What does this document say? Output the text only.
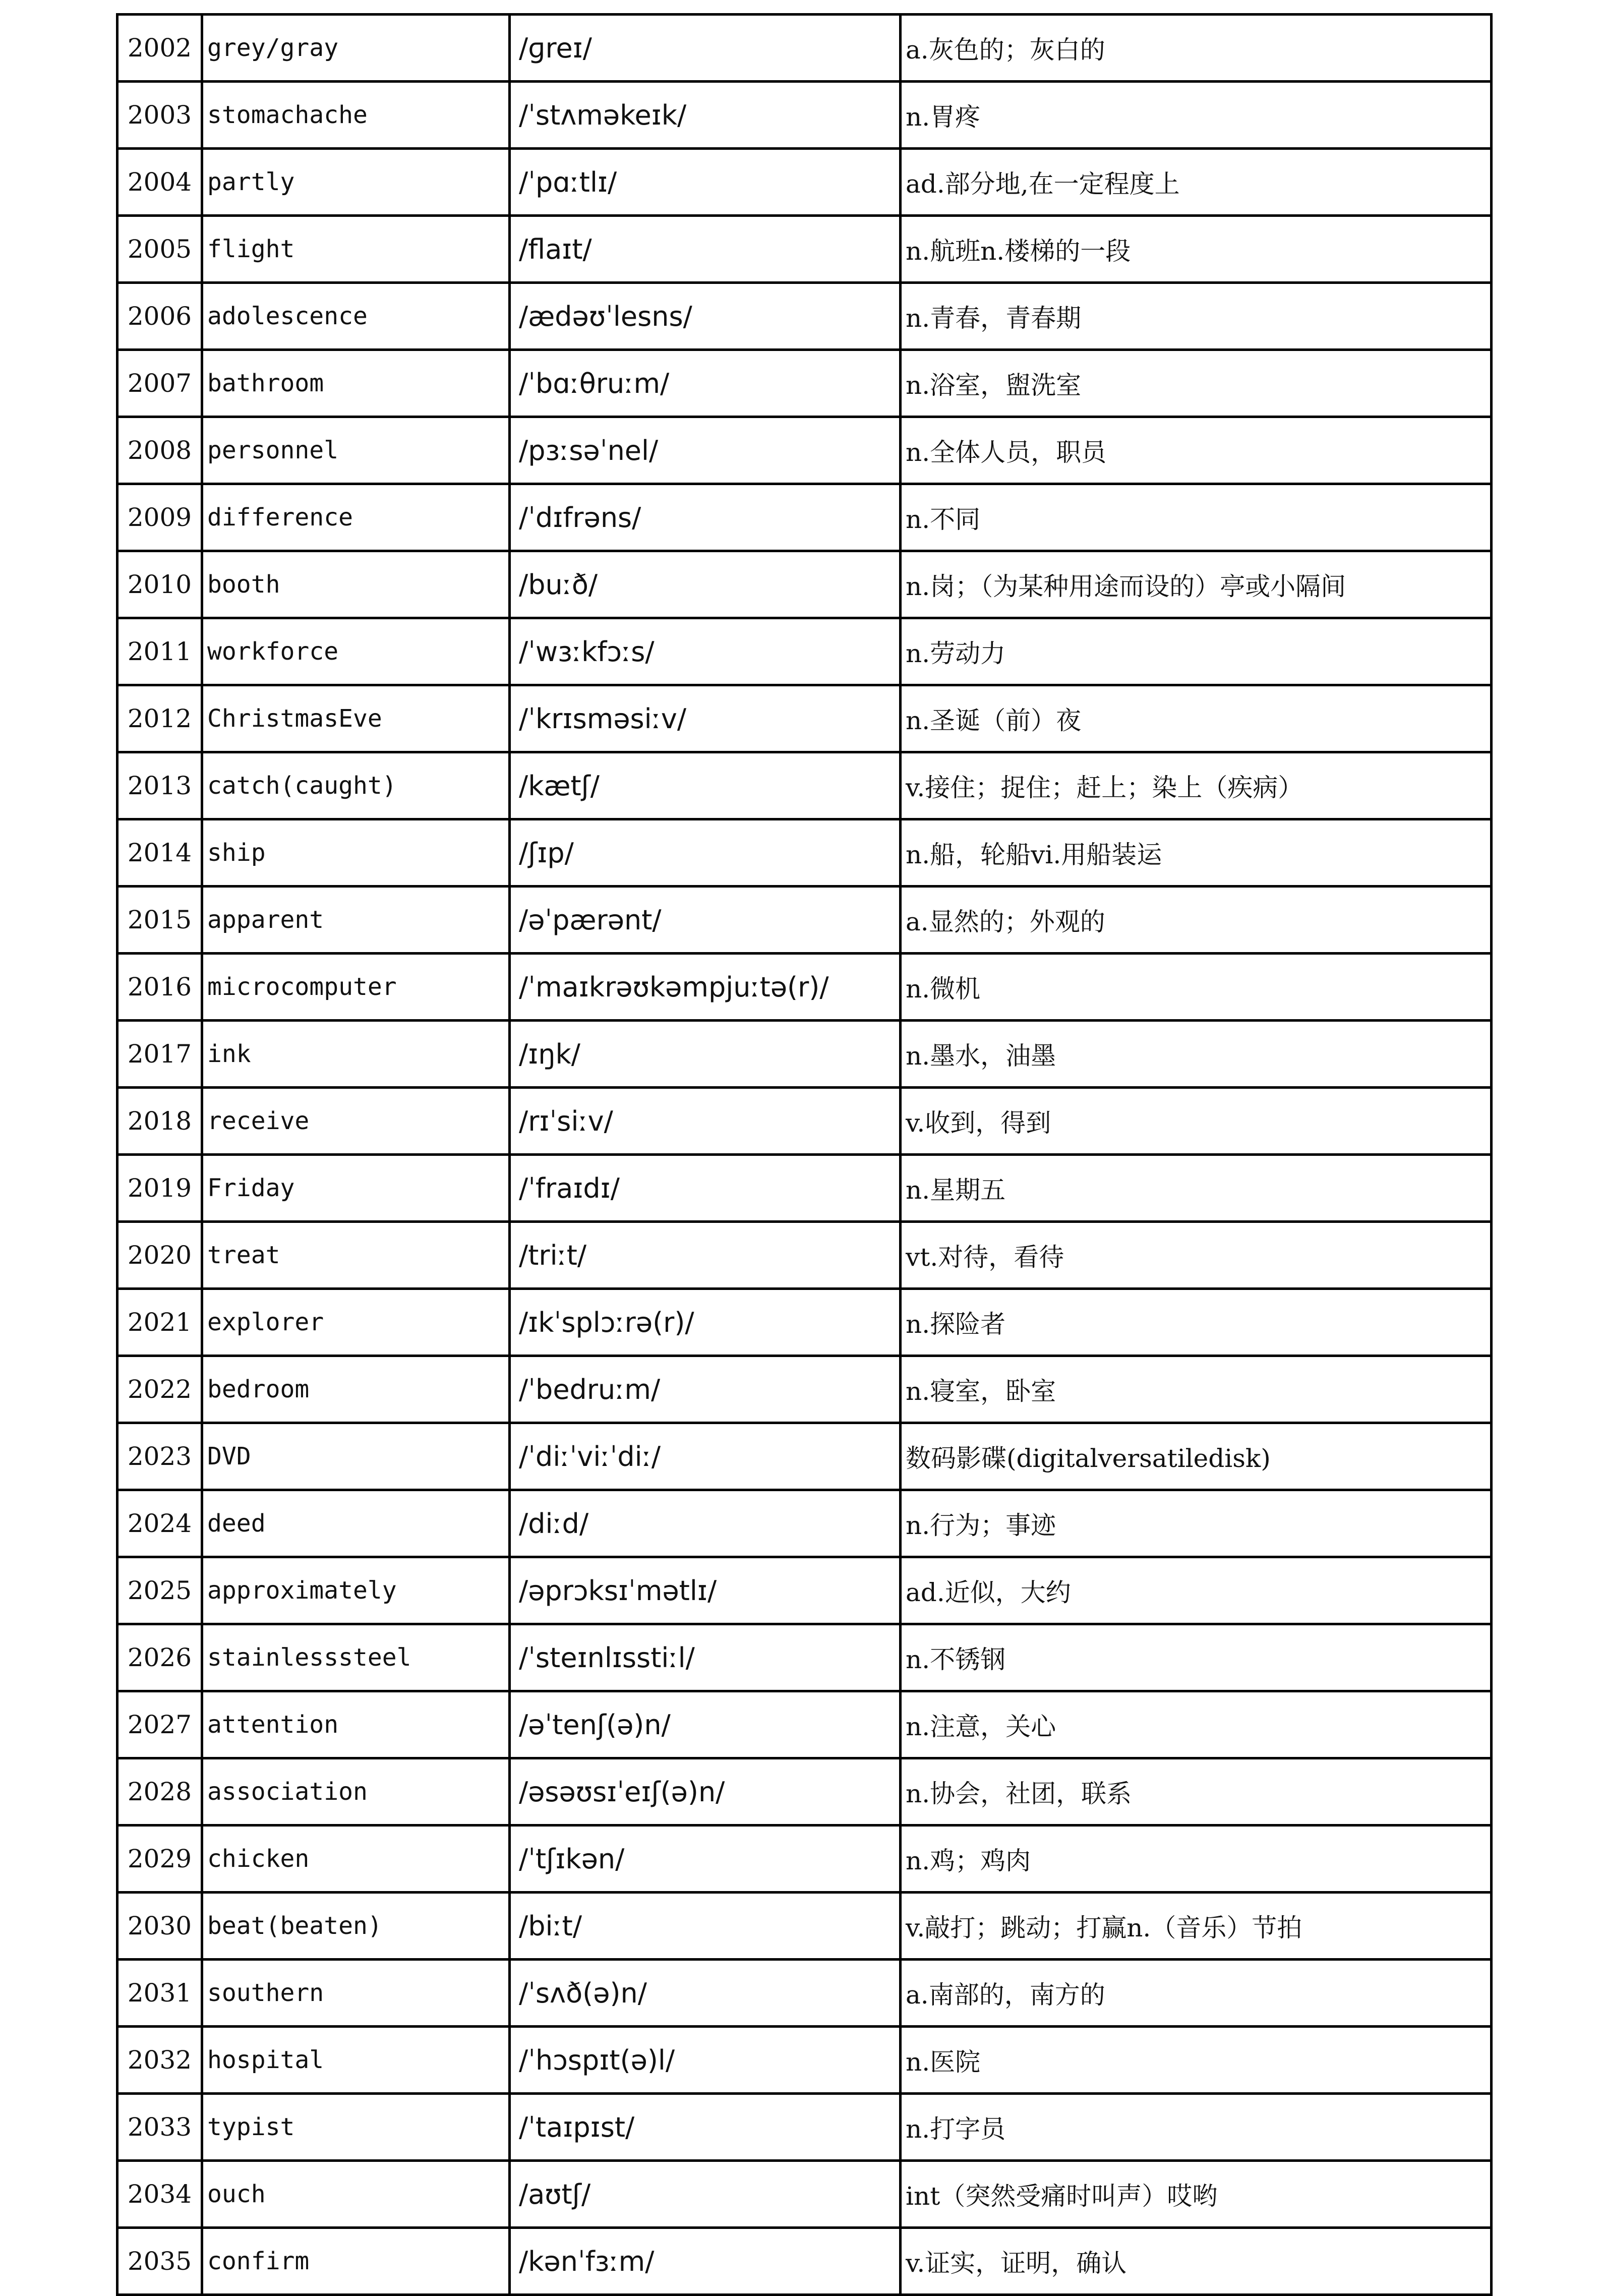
2002	grey/gray	/ɡreɪ/	a.灰色的；灰白的
2003	stomachache	/ˈstʌməkeɪk/	n.胃疼
2004	partly	/ˈpɑːtlɪ/	ad.部分地,在一定程度上
2005	flight	/flaɪt/	n.航班n.楼梯的一段
2006	adolescence	/ædəʊˈlesns/	n.青春，青春期
2007	bathroom	/ˈbɑːθruːm/	n.浴室，盥洗室
2008	personnel	/pɜːsəˈnel/	n.全体人员，职员
2009	difference	/ˈdɪfrəns/	n.不同
2010	booth	/buːð/	n.岗；（为某种用途而设的）亭或小隔间
2011	workforce	/ˈwɜːkfɔːs/	n.劳动力
2012	ChristmasEve	/ˈkrɪsməsiːv/	n.圣诞（前）夜
2013	catch(caught)	/kætʃ/	v.接住；捉住；赶上；染上（疾病）
2014	ship	/ʃɪp/	n.船，轮船vi.用船装运
2015	apparent	/əˈpærənt/	a.显然的；外观的
2016	microcomputer	/ˈmaɪkrəʊkəmpjuːtə(r)/	n.微机
2017	ink	/ɪŋk/	n.墨水，油墨
2018	receive	/rɪˈsiːv/	v.收到，得到
2019	Friday	/ˈfraɪdɪ/	n.星期五
2020	treat	/triːt/	vt.对待，看待
2021	explorer	/ɪkˈsplɔːrə(r)/	n.探险者
2022	bedroom	/ˈbedruːm/	n.寝室，卧室
2023	DVD	/ˈdiːˈviːˈdiː/	数码影碟(digitalversatiledisk)
2024	deed	/diːd/	n.行为；事迹
2025	approximately	/əprɔksɪˈmətlɪ/	ad.近似，大约
2026	stainlesssteel	/ˈsteɪnlɪsstiːl/	n.不锈钢
2027	attention	/əˈtenʃ(ə)n/	n.注意，关心
2028	association	/əsəʊsɪˈeɪʃ(ə)n/	n.协会，社团，联系
2029	chicken	/ˈtʃɪkən/	n.鸡；鸡肉
2030	beat(beaten)	/biːt/	v.敲打；跳动；打赢n.（音乐）节拍
2031	southern	/ˈsʌð(ə)n/	a.南部的，南方的
2032	hospital	/ˈhɔspɪt(ə)l/	n.医院
2033	typist	/ˈtaɪpɪst/	n.打字员
2034	ouch	/aʊtʃ/	int（突然受痛时叫声）哎哟
2035	confirm	/kənˈfɜːm/	v.证实，证明，确认
